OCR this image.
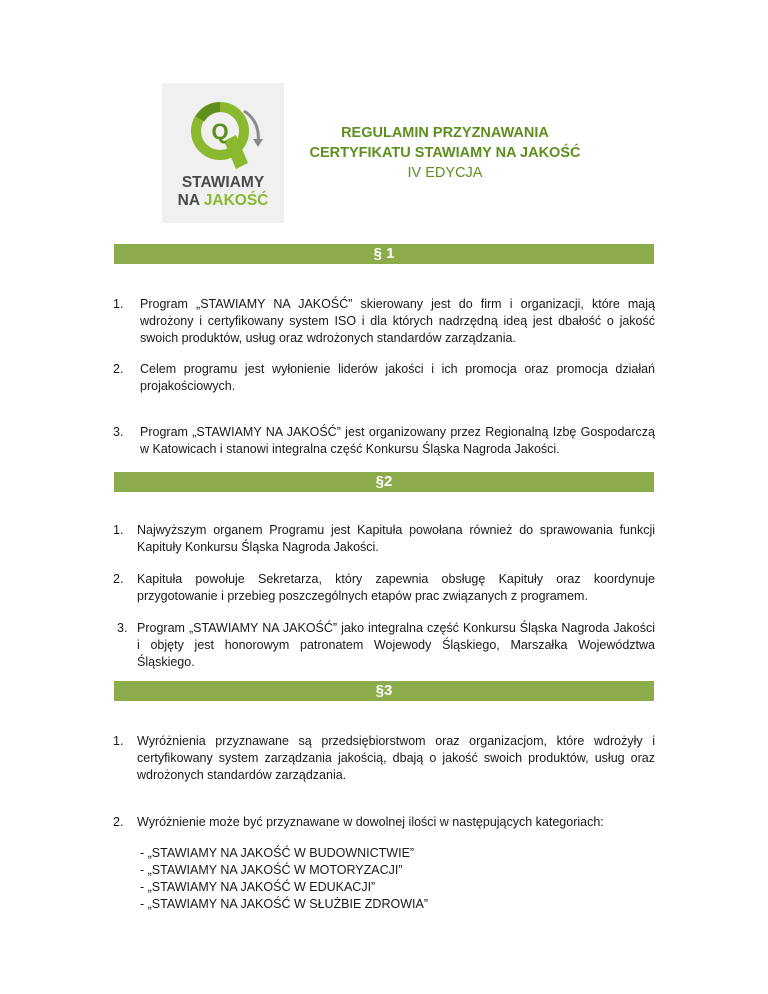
Q
STAWIAMY
NA JAKOŚĆ
REGULAMIN PRZYZNAWANIA
CERTYFIKATU STAWIAMY NA JAKOŚĆ
IV EDYCJA
§ 1
1.	Program „STAWIAMY NA JAKOŚĆ” skierowany jest do firm i organizacji, które mają wdrożony i certyfikowany system ISO i dla których nadrzędną ideą jest dbałość o jakość swoich produktów, usług oraz wdrożonych standardów zarządzania.
2.	Celem programu jest wyłonienie liderów jakości i ich promocja oraz promocja działań projakościowych.
3.	Program „STAWIAMY NA JAKOŚĆ” jest organizowany przez Regionalną Izbę Gospodarczą w Katowicach i stanowi integralna część Konkursu Śląska Nagroda Jakości.
§2
1.	Najwyższym organem Programu jest Kapituła powołana również do sprawowania funkcji Kapituły Konkursu Śląska Nagroda Jakości.
2.	Kapituła powołuje Sekretarza, który zapewnia obsługę Kapituły oraz koordynuje przygotowanie i przebieg poszczególnych etapów prac związanych z programem.
3. Program „STAWIAMY NA JAKOŚĆ” jako integralna część Konkursu Śląska Nagroda Jakości i objęty jest honorowym patronatem Wojewody Śląskiego, Marszałka Województwa Śląskiego.
§3
1.	Wyróżnienia przyznawane są przedsiębiorstwom oraz organizacjom, które wdrożyły i certyfikowany system zarządzania jakością, dbają o jakość swoich produktów, usług oraz wdrożonych standardów zarządzania.
2.	Wyróżnienie może być przyznawane w dowolnej ilości w następujących kategoriach:
- „STAWIAMY NA JAKOŚĆ W BUDOWNICTWIE”
- „STAWIAMY NA JAKOŚĆ W MOTORYZACJI”
- „STAWIAMY NA JAKOŚĆ W EDUKACJI”
- „STAWIAMY NA JAKOŚĆ W SŁUŻBIE ZDROWIA”
